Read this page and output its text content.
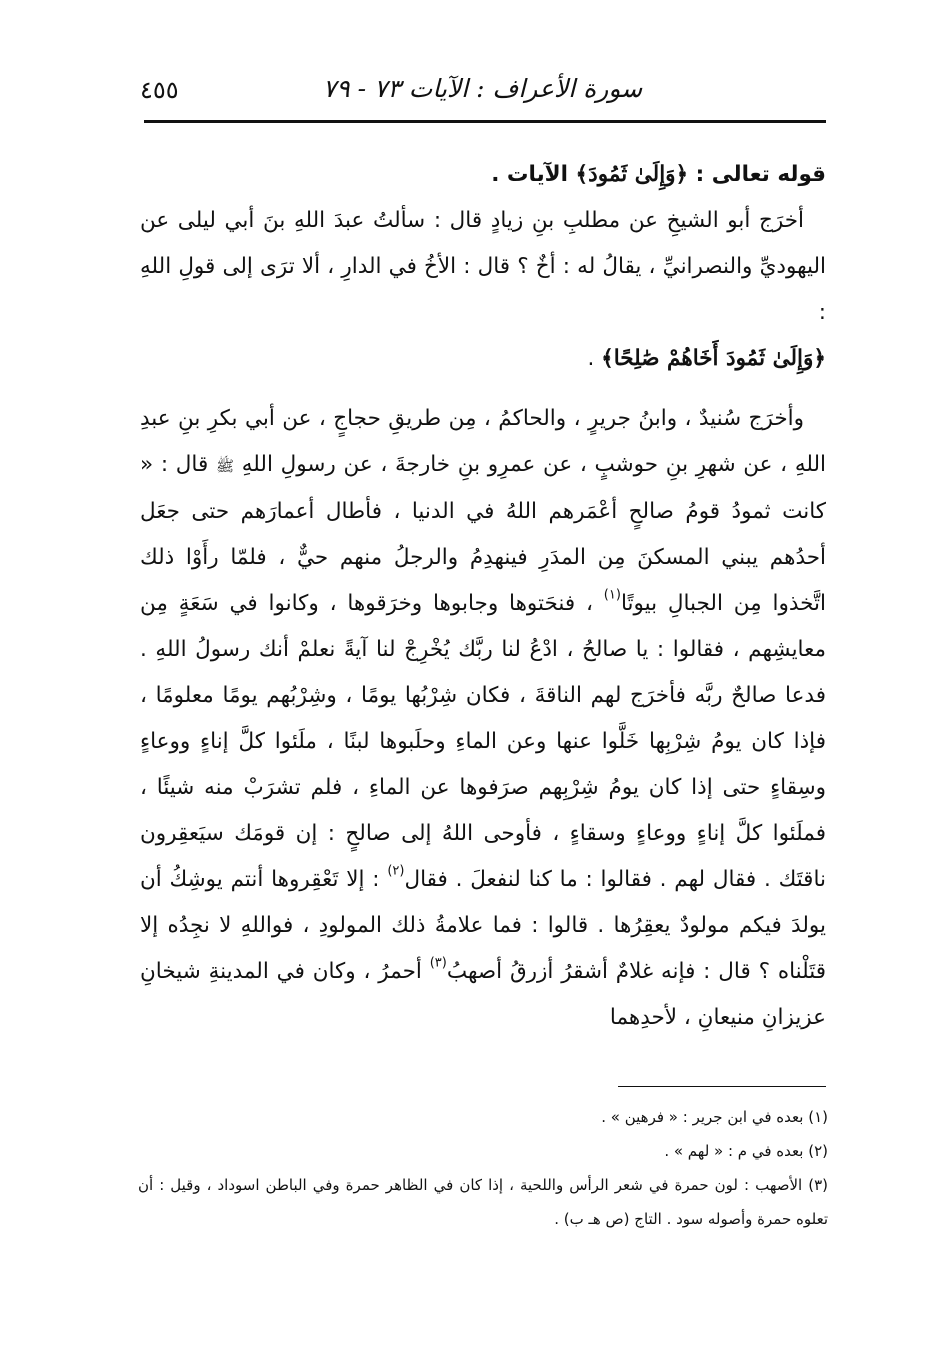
٤٥٥	سورة الأعراف : الآيات ٧٣ - ٧٩

قوله تعالى : ﴿وَإِلَىٰ ثَمُودَ﴾ الآيات .

أخرَج أبو الشيخِ عن مطلبِ بنِ زيادٍ قال : سألتُ عبدَ اللهِ بنَ أبي ليلى عن اليهوديِّ والنصرانيِّ ، يقالُ له : أخٌ ؟ قال : الأخُ في الدارِ ، ألا ترَى إلى قولِ اللهِ :
﴿وَإِلَىٰ ثَمُودَ أَخَاهُمْ صَٰلِحًا﴾ .

وأخرَج سُنيدٌ ، وابنُ جريرٍ ، والحاكمُ ، مِن طريقِ حجاجٍ ، عن أبي بكرِ بنِ عبدِ اللهِ ، عن شهرِ بنِ حوشبٍ ، عن عمرِو بنِ خارجةَ ، عن رسولِ اللهِ ﷺ قال : « كانت ثمودُ قومُ صالحٍ أعْمَرهم اللهُ في الدنيا ، فأطال أعمارَهم حتى جعَل أحدُهم يبني المسكنَ مِن المدَرِ فينهدِمُ والرجلُ منهم حيٌّ ، فلمّا رأَوْا ذلك اتَّخذوا مِن الجبالِ بيوتًا$^{(١)}$ ، فنحَتوها وجابوها وخرَقوها ، وكانوا في سَعَةٍ مِن معايشِهم ، فقالوا : يا صالحُ ، ادْعُ لنا ربَّك يُخْرِجْ لنا آيةً نعلمْ أنك رسولُ اللهِ . فدعا صالحٌ ربَّه فأخرَج لهم الناقةَ ، فكان شِرْبُها يومًا ، وشِرْبُهم يومًا معلومًا ، فإذا كان يومُ شِرْبِها خَلَّوا عنها وعن الماءِ وحلَبوها لبنًا ، ملَئوا كلَّ إناءٍ ووعاءٍ وسِقاءٍ حتى إذا كان يومُ شِرْبِهم صرَفوها عن الماءِ ، فلم تشرَبْ منه شيئًا ، فملَئوا كلَّ إناءٍ ووعاءٍ وسقاءٍ ، فأوحى اللهُ إلى صالحٍ : إن قومَك سيَعقِرون ناقتَك . فقال لهم . فقالوا : ما كنا لنفعلَ . فقال$^{(٢)}$ : إلا تَعْقِروها أنتم يوشِكُ أن يولدَ فيكم مولودٌ يعقِرُها . قالوا : فما علامةُ ذلك المولودِ ، فواللهِ لا نجِدُه إلا قتَلْناه ؟ قال : فإنه غلامٌ أشقرُ أزرقُ أصهبُ$^{(٣)}$ أحمرُ ، وكان في المدينةِ شيخانِ عزيزانِ منيعانِ ، لأحدِهما

(١) بعده في ابن جرير : « فرهين » .

(٢) بعده في م : « لهم » .

(٣) الأصهب : لون حمرة في شعر الرأس واللحية ، إذا كان في الظاهر حمرة وفي الباطن اسوداد ، وقيل : أن تعلوه حمرة وأصوله سود . التاج (ص هـ ب) .
